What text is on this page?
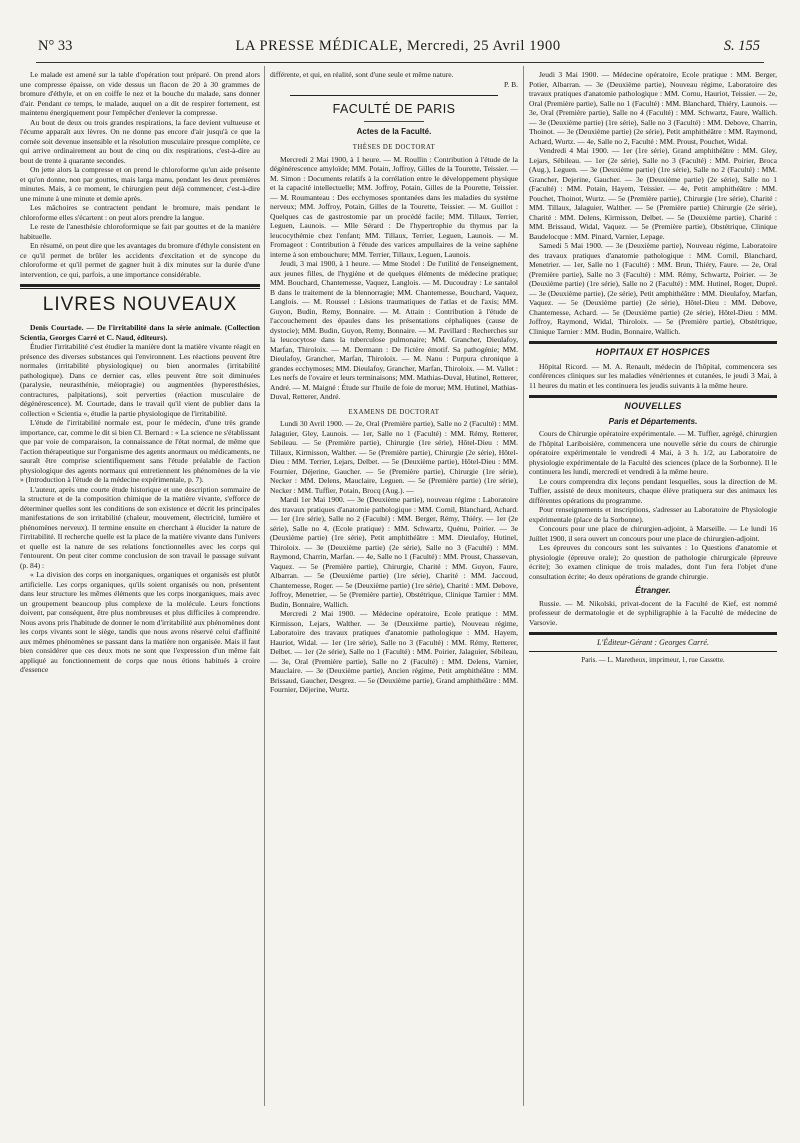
N° 33	LA PRESSE MÉDICALE, Mercredi, 25 Avril 1900	S. 155

Le malade est amené sur la table d'opération tout préparé. On prend alors une compresse épaisse, on vide dessus un flacon de 20 à 30 grammes de bromure d'éthyle, et on en coiffe le nez et la bouche du malade, sans donner d'air. Pendant ce temps, le malade, auquel on a dit de respirer fortement, est maintenu énergiquement pour l'empêcher d'enlever la compresse.

Au bout de deux ou trois grandes respirations, la face devient vultueuse et l'écume apparaît aux lèvres. On ne donne pas encore d'air jusqu'à ce que la cornée soit devenue insensible et la résolution musculaire presque complète, ce qui arrive ordinairement au bout de cinq ou dix respirations, c'est-à-dire au bout de trente à quarante secondes.

On jette alors la compresse et on prend le chloroforme qu'un aide présente et qu'on donne, non par gouttes, mais larga manu, pendant les deux premières minutes. Mais, à ce moment, le chirurgien peut déjà commencer, c'est-à-dire une minute à une minute et demie après.

Les mâchoires se contractent pendant le bromure, mais pendant le chloroforme elles s'écartent : on peut alors prendre la langue.

Le reste de l'anesthésie chloroformique se fait par gouttes et de la manière habituelle.

En résumé, on peut dire que les avantages du bromure d'éthyle consistent en ce qu'il permet de brûler les accidents d'excitation et de syncope du chloroforme et qu'il permet de gagner huit à dix minutes sur la durée d'une intervention, ce qui, parfois, a une importance considérable.

LIVRES NOUVEAUX

Denis Courtade. — De l'irritabilité dans la série animale. (Collection Scientia, Georges Carré et C. Naud, éditeurs).

Étudier l'irritabilité c'est étudier la manière dont la matière vivante réagit en présence des diverses substances qui l'environnent. Les réactions peuvent être normales (irritabilité physiologique) ou bien anormales (irritabilité pathologique). Dans ce dernier cas, elles peuvent être soit diminuées (paralysie, neurasthénie, méiopragie) ou augmentées (hyperesthésies, contractures, palpitations), soit perverties (réaction musculaire de dégénérescence). M. Courtade, dans le travail qu'il vient de publier dans la collection « Scientia », étudie la partie physiologique de l'irritabilité.

L'étude de l'irritabilité normale est, pour le médecin, d'une très grande importance, car, comme le dit si bien Cl. Bernard : « La science ne s'établissant que par voie de comparaison, la connaissance de l'état normal, de même que l'action thérapeutique sur l'organisme des agents anormaux ou médicaments, ne sauraît être comprise scientifiquement sans l'étude préalable de l'action physiologique des agents normaux qui entretiennent les phénomènes de la vie » (Introduction à l'étude de la médecine expérimentale, p. 7).

L'auteur, après une courte étude historique et une description sommaire de la structure et de la composition chimique de la matière vivante, s'efforce de déterminer quelles sont les conditions de son existence et décrit les principales manifestations de son irritabilité (chaleur, mouvement, électricité, lumière et phénomènes nerveux). Il termine ensuite en cherchant à élucider la nature de l'irritabilité. Il recherche quelle est la place de la matière vivante dans l'univers et quelle est la nature de ses relations fonctionnelles avec les corps qui l'entourent. On peut citer comme conclusion de son travail le passage suivant (p. 84) :

« La division des corps en inorganiques, organiques et organisés est plutôt artificielle. Les corps organiques, qu'ils soient organisés ou non, présentent dans leur structure les mêmes éléments que les corps inorganiques, mais avec un groupement beaucoup plus complexe de la molécule. Leurs fonctions doivent, par conséquent, être plus nombreuses et plus difficiles à comprendre. Nous avons pris l'habitude de donner le nom d'irritabilité aux phénomènes dont les corps vivants sont le siège, tandis que nous avons réservé celui d'affinité aux mêmes phénomènes se passant dans la matière non organisée. Mais il faut bien considérer que ces deux mots ne sont que l'expression d'un même fait appliqué au fonctionnement de corps que nous étions habitués à croire d'essence

différente, et qui, en réalité, sont d'une seule et même nature.

P. B.

FACULTÉ DE PARIS
Actes de la Faculté.
THÈSES DE DOCTORAT

Mercredi 2 Mai 1900, à 1 heure. — M. Roullin : Contribution à l'étude de la dégénérescence amyloïde; MM. Potain, Joffroy, Gilles de la Tourette, Teissier. — M. Simon : Documents relatifs à la corrélation entre le développement physique et la capacité intellectuelle; MM. Joffroy, Potain, Gilles de la Pourette, Teissier. — M. Roumanteau : Des ecchymoses spontanées dans les maladies du système nerveux; MM. Joffroy, Potain, Gilles de la Tourette, Teissier. — M. Guillot : Quelques cas de gastrostomie par un procédé facile; MM. Tillaux, Terrier, Leguen, Launois. — Mlle Sérard : De l'hypertrophie du thymus par la leucocythémie chez l'enfant; MM. Tillaux, Terrier, Leguen, Launois. — M. Fromageot : Contribution à l'étude des varices ampullaires de la veine saphène interne à son embouchure; MM. Terrier, Tillaux, Leguen, Launois.

Jeudi, 3 mai 1900, à 1 heure. — Mme Stodel : De l'utilité de l'enseignement, aux jeunes filles, de l'hygiène et de quelques éléments de médecine pratique; MM. Bouchard, Chantemesse, Vaquez, Langlois. — M. Ducoudray : Le santalol B dans le traitement de la blennorragie; MM. Chantemesse, Bouchard, Vaquez, Langlois. — M. Roussel : Lésions traumatiques de l'atlas et de l'axis; MM. Guyon, Budin, Remy, Bonnaire. — M. Attain : Contribution à l'étude de l'accouchement des épaules dans les présentations céphaliques (cause de dystocie); MM. Budin, Guyon, Remy, Bonnaire. — M. Pavillard : Recherches sur la leucocytose dans la tuberculose pulmonaire; MM. Grancher, Dieulafoy, Marfan, Thiroloix. — M. Dermann : De l'ictère émotif. Sa pathogénie; MM. Dieulafoy, Grancher, Marfan, Thiroloix. — M. Nanu : Purpura chronique à grandes ecchymoses; MM. Dieulafoy, Grancher, Marfan, Thiroloix. — M. Vallet : Les nerfs de l'ovaire et leurs terminaisons; MM. Mathias-Duval, Hutinel, Retterer, André. — M. Maigné : Étude sur l'huile de foie de morue; MM. Hutinel, Mathias-Duval, Retterer, André.

EXAMENS DE DOCTORAT

Lundi 30 Avril 1900. — 2e, Oral (Première partie), Salle no 2 (Faculté) : MM. Jalaguier, Gley, Launois. — 1er, Salle no 1 (Faculté) : MM. Rémy, Retterer, Sebileau. — 5e (Première partie), Chirurgie (1re série), Hôtel-Dieu : MM. Tillaux, Kirmisson, Walther. — 5e (Première partie), Chirurgie (2e série), Hôtel-Dieu : MM. Terrier, Lejars, Delbet. — 5e (Deuxième partie), Hôtel-Dieu : MM. Fournier, Déjerine, Gaucher. — 5e (Première partie), Chirurgie (1re série), Necker : MM. Delens, Mauclaire, Leguen. — 5e (Première partie) (1re série), Necker : MM. Tuffier, Potain, Brocq (Aug.). —

Mardi 1er Mai 1900. — 3e (Deuxième partie), nouveau régime : Laboratoire des travaux pratiques d'anatomie pathologique : MM. Cornil, Blanchard, Achard. — 1er (1re série), Salle no 2 (Faculté) : MM. Berger, Rémy, Thiéry. — 1er (2e série), Salle no 4, (Ecole pratique) : MM. Schwartz, Quénu, Poirier. — 3e (Deuxième partie) (1re série), Petit amphithéâtre : MM. Dieulafoy, Hutinel, Thiroloix. — 3e (Deuxième partie) (2e série), Salle no 3 (Faculté) : MM. Raymond, Charrin, Marfan. — 4e, Salle no 1 (Faculté) : MM. Proust, Chassevan, Vaquez. — 5e (Première partie), Chirurgie, Charité : MM. Guyon, Faure, Albarran. — 5e (Deuxième partie) (1re série), Charité : MM. Jaccoud, Chantemesse, Roger. — 5e (Deuxième partie) (1re série), Charité : MM. Debove, Joffroy, Menetrier, — 5e (Première partie), Obstétrique, Clinique Tarnier : MM. Budin, Bonnaire, Wallich.

Mercredi 2 Mai 1900. — Médecine opératoire, Ecole pratique : MM. Kirmisson, Lejars, Walther. — 3e (Deuxième partie), Nouveau régime, Laboratoire des travaux pratiques d'anatomie pathologique : MM. Hayem, Hauriot, Widal. — 1er (1re série), Salle no 3 (Faculté) : MM. Rémy, Retterer, Delbet. — 1er (2e série), Salle no 1 (Faculté) : MM. Poirier, Jalaguier, Sébileau, — 3e, Oral (Première partie), Salle no 2 (Faculté) : MM. Delens, Varnier, Mauclaire. — 3e (Deuxième partie), Ancien régime, Petit amphithéâtre : MM. Brissaud, Gaucher, Desgrez. — 5e (Deuxième partie), Grand amphithéâtre : MM. Fournier, Déjerine, Wurtz.

Jeudi 3 Mai 1900. — Médecine opératoire, Ecole pratique : MM. Berger, Potier, Albarran. — 3e (Deuxième partie), Nouveau régime, Laboratoire des travaux pratiques d'anatomie pathologique : MM. Cornu, Hauriot, Teissier. — 2e, Oral (Première partie), Salle no 1 (Faculté) : MM. Blanchard, Thiéry, Launois. — 3e, Oral (Première partie), Salle no 4 (Faculté) : MM. Schwartz, Faure, Wallich. — 3e (Deuxième partie) (1re série), Salle no 3 (Faculté) : MM. Debove, Charrin, Thoinot. — 3e (Deuxième partie) (2e série), Petit amphithéâtre : MM. Raymond, Achard, Wurtz. — 4e, Salle no 2, Faculté : MM. Proust, Pouchet, Widal.

Vendredi 4 Mai 1900. — 1er (1re série), Grand amphithéâtre : MM. Gley, Lejars, Sébileau. — 1er (2e série), Salle no 3 (Faculté) : MM. Poirier, Broca (Aug.), Leguen. — 3e (Deuxième partie) (1re série), Salle no 2 (Faculté) : MM. Grancher, Dejerine, Gaucher. — 3e (Deuxième partie) (2e série), Salle no 1 (Faculté) : MM. Potain, Hayem, Teissier. — 4e, Petit amphithéâtre : MM. Pouchet, Thoinot, Wurtz. — 5e (Première partie), Chirurgie (1re série), Charité : MM. Tillaux, Jalaguier, Walther. — 5e (Première partie) Chirurgie (2e série), Charité : MM. Delens, Kirmisson, Delbet. — 5e (Deuxième partie), Charité : MM. Brissaud, Widal, Vaquez. — 5e (Première partie), Obstétrique, Clinique Baudelocque : MM. Pinard, Varnier, Lepage.

Samedi 5 Mai 1900. — 3e (Deuxième partie), Nouveau régime, Laboratoire des travaux pratiques d'anatomie pathologique : MM. Cornil, Blanchard, Menetrier. — 1er, Salle no 1 (Faculté) : MM. Brun, Thiéry, Faure. — 2e, Oral (Première partie), Salle no 3 (Faculté) : MM. Rémy, Schwartz, Poirier. — 3e (Deuxième partie) (1re série), Salle no 2 (Faculté) : MM. Hutinel, Roger, Dupré. — 3e (Deuxième partie), (2e série), Petit amphithéâtre : MM. Dieulafoy, Marfan, Vaquez. — 5e (Deuxième partie) (2e série), Hôtel-Dieu : MM. Debove, Chantemesse, Achard. — 5e (Deuxième partie) (2e série), Hôtel-Dieu : MM. Joffroy, Raymond, Widal, Thiroloix. — 5e (Première partie), Obstétrique, Clinique Tarnier : MM. Budin, Bonnaire, Wallich.

HOPITAUX ET HOSPICES

Hôpital Ricord. — M. A. Renault, médecin de l'hôpital, commencera ses conférences cliniques sur les maladies vénériennes et cutanées, le jeudi 3 Mai, à 11 heures du matin et les continuera les jeudis suivants à la même heure.

NOUVELLES
Paris et Départements.

Cours de Chirurgie opératoire expérimentale. — M. Tuffier, agrégé, chirurgien de l'hôpital Lariboisière, commencera une nouvelle série du cours de chirurgie opératoire expérimentale le vendredi 4 Mai, à 3 h. 1/2, au Laboratoire de physiologie expérimentale de la Faculté des sciences (place de la Sorbonne). Il le continuera les lundi, mercredi et vendredi à la même heure.

Le cours comprendra dix leçons pendant lesquelles, sous la direction de M. Tuffier, assisté de deux moniteurs, chaque élève pratiquera sur des animaux les différentes opérations du programme.

Pour renseignements et inscriptions, s'adresser au Laboratoire de Physiologie expérimentale (place de la Sorbonne).

Concours pour une place de chirurgien-adjoint, à Marseille. — Le lundi 16 Juillet 1900, il sera ouvert un concours pour une place de chirurgien-adjoint.

Les épreuves du concours sont les suivantes : 1o Questions d'anatomie et physiologie (épreuve orale); 2o question de pathologie chirurgicale (épreuve écrite); 3o examen clinique de trois malades, dont l'un fera l'objet d'une consultation écrite; 4o deux opérations de grande chirurgie.

Étranger.

Russie. — M. Nikolski, privat-docent de la Faculté de Kief, est nommé professeur de dermatologie et de syphiligraphie à la Faculté de médecine de Varsovie.

L'Éditeur-Gérant : Georges Carré.
Paris. — L. Maretheux, imprimeur, 1, rue Cassette.
